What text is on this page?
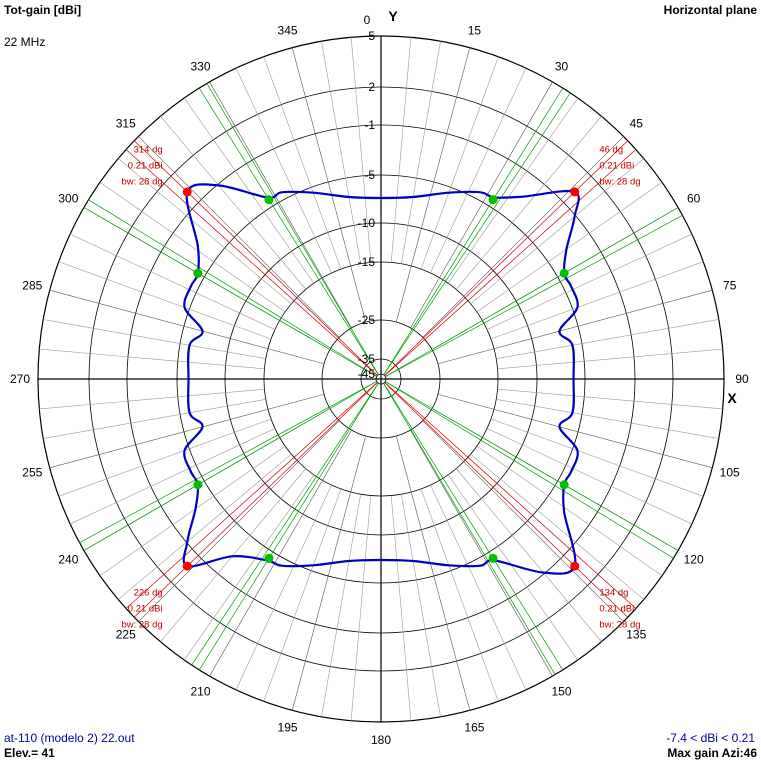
5
2
-1
-5
-10
-15
-25
-35
-45
0
15
30
45
60
75
90
105
120
135
150
165
180
195
210
225
240
255
270
285
300
315
330
345
Y
X
46 dg
0.21 dBi
bw: 28 dg
134 dg
0.21 dBi
bw: 28 dg
226 dg
0.21 dBi
bw: 28 dg
314 dg
0.21 dBi
bw: 28 dg
Tot-gain [dBi]	Horizontal plane
22 MHz
at-110 (modelo 2) 22.out
Elev.= 41
-7.4 < dBi < 0.21
Max gain Azi:46
